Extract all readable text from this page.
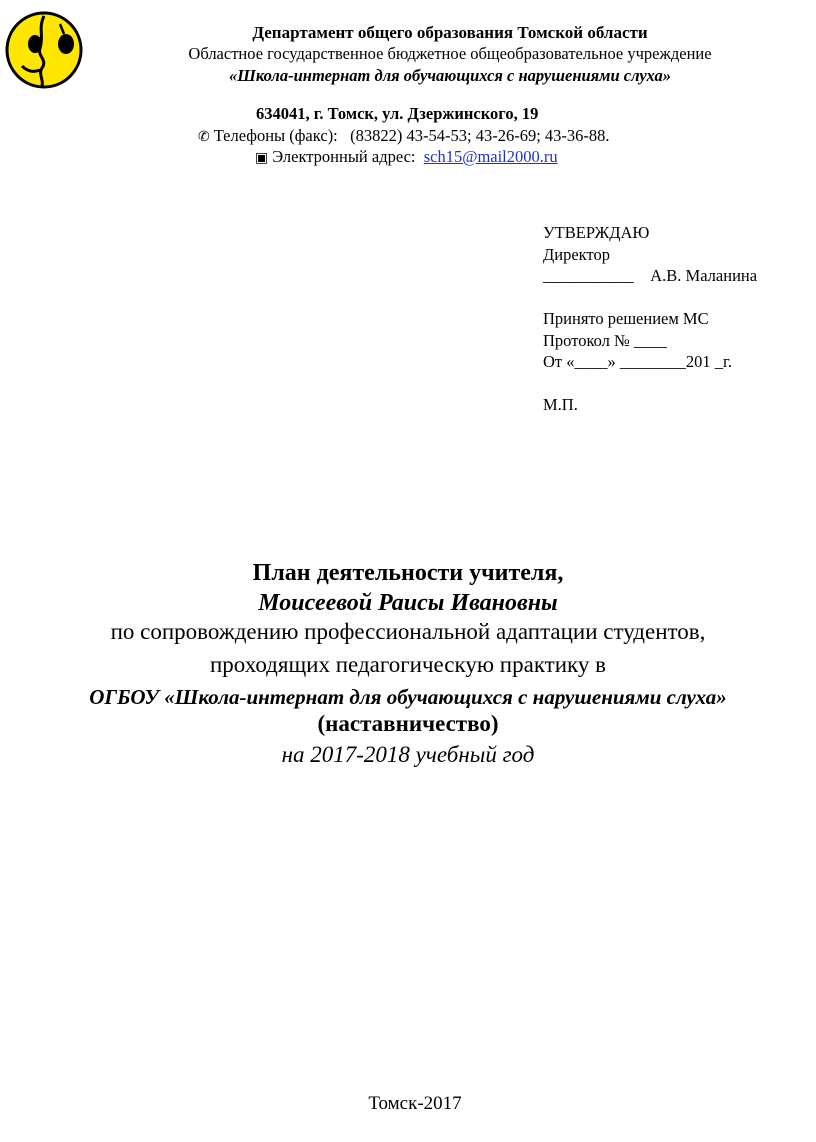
Департамент общего образования Томской области
Областное государственное бюджетное общеобразовательное учреждение
«Школа-интернат для обучающихся с нарушениями слуха»
634041, г. Томск, ул. Дзержинского, 19
✆ Телефоны (факс): (83822) 43-54-53; 43-26-69; 43-36-88.
▣ Электронный адрес: sch15@mail2000.ru
УТВЕРЖДАЮ
Директор
___________    А.В. Маланина

Принято решением МС
Протокол № ____
От «____» ________201 _г.

М.П.
План деятельности учителя,
Моисеевой Раисы Ивановны
по сопровождению профессиональной адаптации студентов,
проходящих педагогическую практику в
ОГБОУ «Школа-интернат для обучающихся с нарушениями слуха»
(наставничество)
на 2017-2018 учебный год
Томск-2017
